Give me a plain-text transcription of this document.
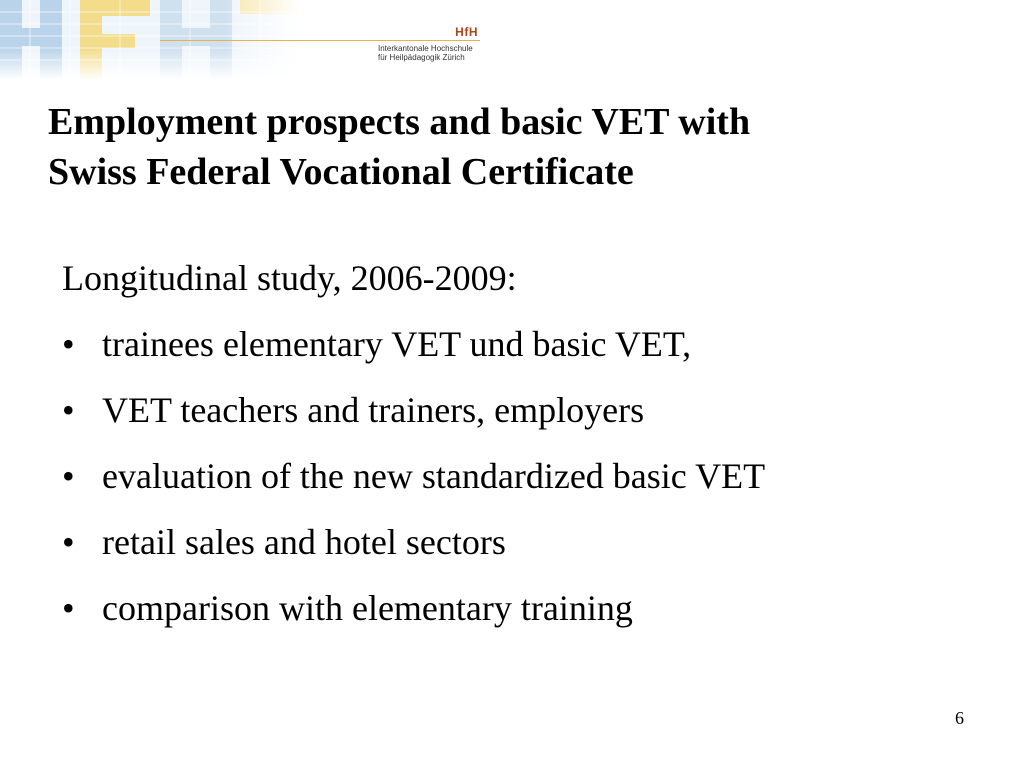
HfH
Interkantonale Hochschule
für Heilpädagogik Zürich
Employment prospects and basic VET with
Swiss Federal Vocational Certificate

Longitudinal study, 2006-2009:

• trainees elementary VET und basic VET,
• VET teachers and trainers, employers
• evaluation of the new standardized basic VET
• retail sales and hotel sectors
• comparison with elementary training
6
